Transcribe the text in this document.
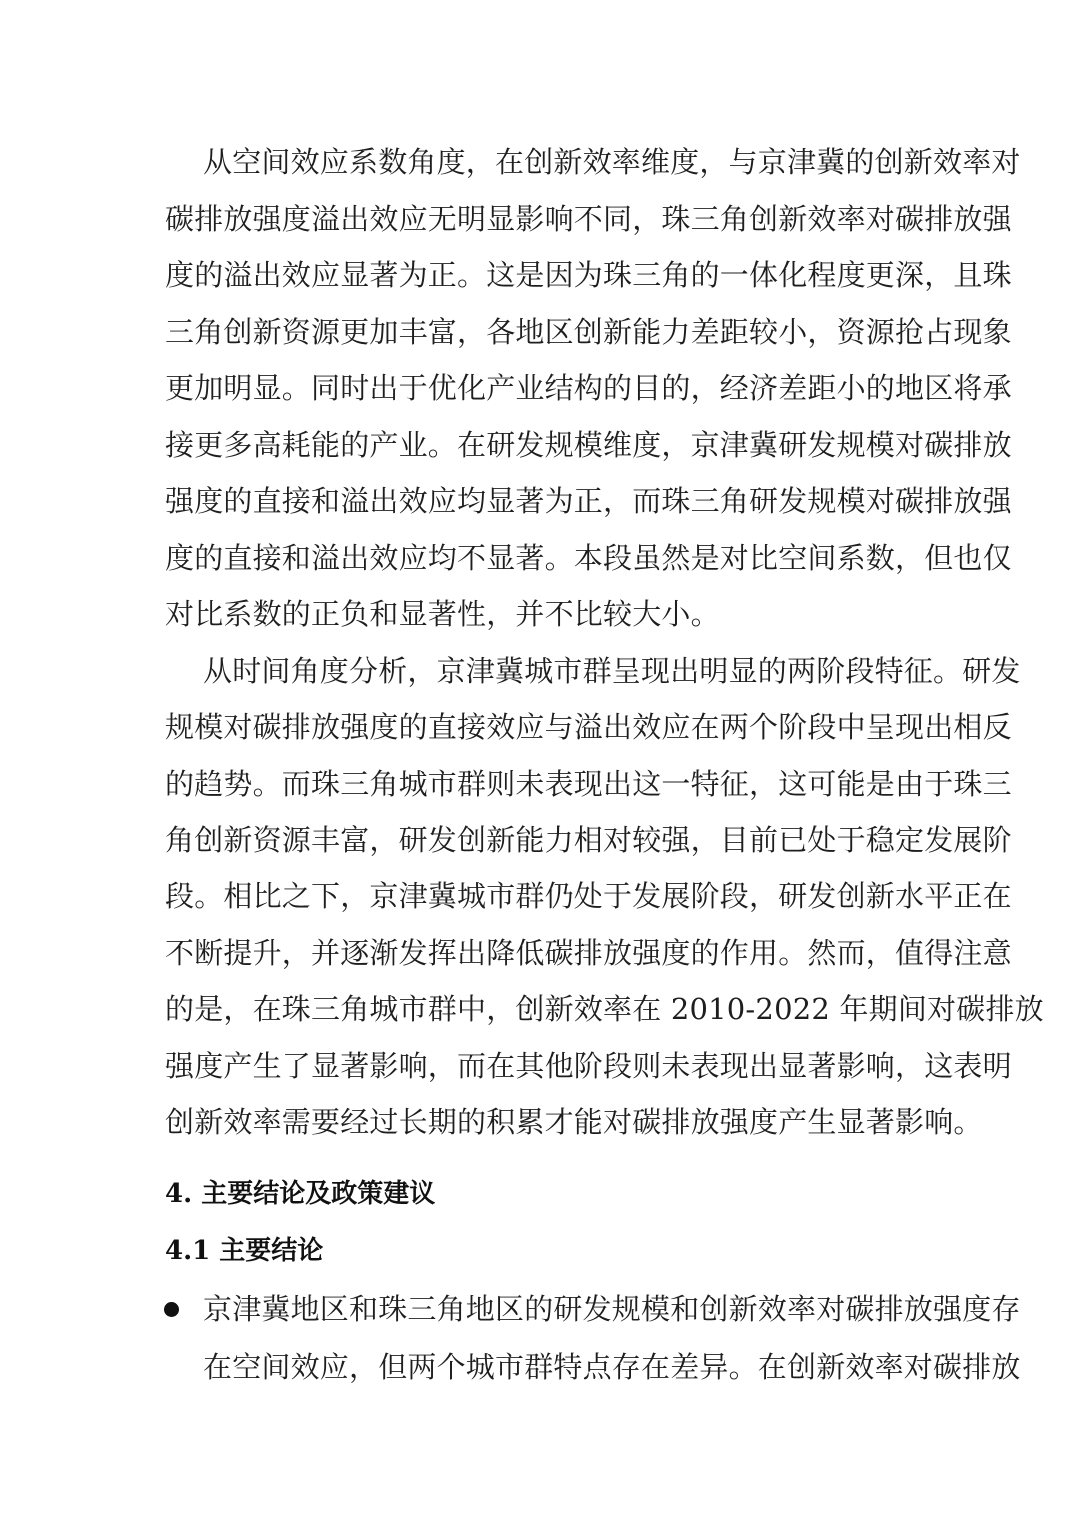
从空间效应系数角度，在创新效率维度，与京津冀的创新效率对
碳排放强度溢出效应无明显影响不同，珠三角创新效率对碳排放强
度的溢出效应显著为正。这是因为珠三角的一体化程度更深，且珠
三角创新资源更加丰富，各地区创新能力差距较小，资源抢占现象
更加明显。同时出于优化产业结构的目的，经济差距小的地区将承
接更多高耗能的产业。在研发规模维度，京津冀研发规模对碳排放
强度的直接和溢出效应均显著为正，而珠三角研发规模对碳排放强
度的直接和溢出效应均不显著。本段虽然是对比空间系数，但也仅
对比系数的正负和显著性，并不比较大小。
从时间角度分析，京津冀城市群呈现出明显的两阶段特征。研发
规模对碳排放强度的直接效应与溢出效应在两个阶段中呈现出相反
的趋势。而珠三角城市群则未表现出这一特征，这可能是由于珠三
角创新资源丰富，研发创新能力相对较强，目前已处于稳定发展阶
段。相比之下，京津冀城市群仍处于发展阶段，研发创新水平正在
不断提升，并逐渐发挥出降低碳排放强度的作用。然而，值得注意
的是，在珠三角城市群中，创新效率在 2010-2022 年期间对碳排放
强度产生了显著影响，而在其他阶段则未表现出显著影响，这表明
创新效率需要经过长期的积累才能对碳排放强度产生显著影响。
4. 主要结论及政策建议
4.1 主要结论
京津冀地区和珠三角地区的研发规模和创新效率对碳排放强度存
在空间效应，但两个城市群特点存在差异。在创新效率对碳排放
